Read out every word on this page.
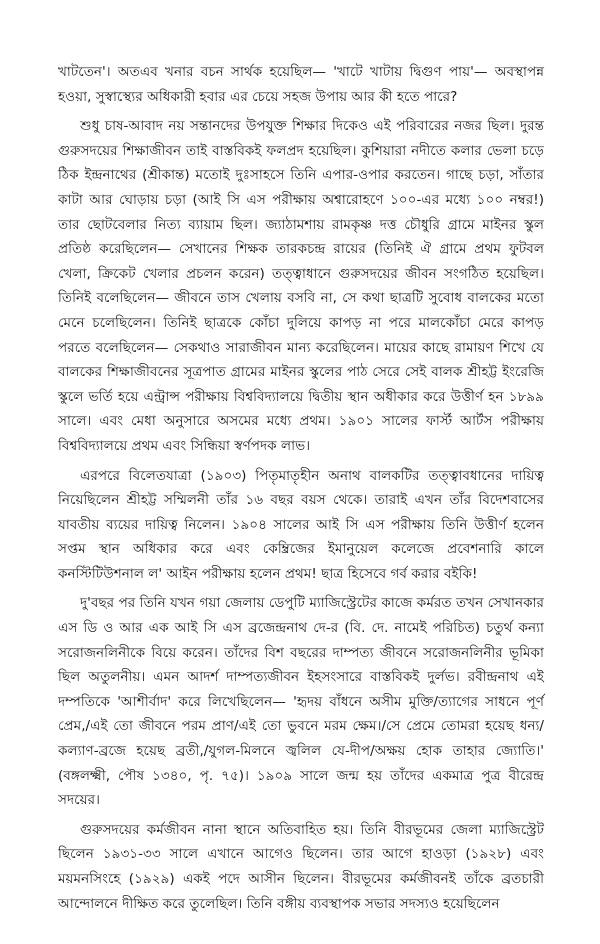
খাটতেন'। অতএব খনার বচন সার্থক হয়েছিল— 'খাটে খাটায় দ্বিগুণ পায়'— অবস্থাপন্ন হওয়া, সুস্বাস্থ্যের অধিকারী হবার এর চেয়ে সহজ উপায় আর কী হতে পারে?

শুধু চাষ-আবাদ নয় সন্তানদের উপযুক্ত শিক্ষার দিকেও এই পরিবারের নজর ছিল। দুরন্ত গুরুসদয়ের শিক্ষাজীবন তাই বাস্তবিকই ফলপ্রদ হয়েছিল। কুশিয়ারা নদীতে কলার ভেলা চড়ে ঠিক ইন্দ্রনাথের (শ্রীকান্ত) মতোই দুঃসাহসে তিনি এপার-ওপার করতেন। গাছে চড়া, সাঁতার কাটা আর ঘোড়ায় চড়া (আই সি এস পরীক্ষায় অশ্বারোহণে ১০০-এর মধ্যে ১০০ নম্বর!) তার ছোটবেলার নিত্য ব্যায়াম ছিল। জ্যাঠামশায় রামকৃষ্ণ দত্ত চৌধুরি গ্রামে মাইনর স্কুল প্রতিষ্ঠ করেছিলেন— সেখানের শিক্ষক তারকচন্দ্র রায়ের (তিনিই ঐ গ্রামে প্রথম ফুটবল খেলা, ক্রিকেট খেলার প্রচলন করেন) তত্ত্বাধানে গুরুসদয়ের জীবন সংগঠিত হয়েছিল। তিনিই বলেছিলেন— জীবনে তাস খেলায় বসবি না, সে কথা ছাত্রটি সুবোধ বালকের মতো মেনে চলেছিলেন। তিনিই ছাত্রকে কোঁচা দুলিয়ে কাপড় না পরে মালকোঁচা মেরে কাপড় পরতে বলেছিলেন— সেকথাও সারাজীবন মান্য করেছিলেন। মায়ের কাছে রামায়ণ শিখে যে বালকের শিক্ষাজীবনের সূত্রপাত গ্রামের মাইনর স্কুলের পাঠ সেরে সেই বালক শ্রীহট্ট ইংরেজি স্কুলে ভর্তি হয়ে এন্ট্রান্স পরীক্ষায় বিশ্ববিদ্যালয়ে দ্বিতীয় স্থান অধীকার করে উত্তীর্ণ হন ১৮৯৯ সালে। এবং মেধা অনুসারে অসমের মধ্যে প্রথম। ১৯০১ সালের ফার্স্ট আর্টস পরীক্ষায় বিশ্ববিদ্যালয়ে প্রথম এবং সিন্ধিয়া স্বর্ণপদক লাভ।

এরপরে বিলেতযাত্রা (১৯০৩) পিতৃমাতৃহীন অনাথ বালকটির তত্ত্বাবধানের দায়িত্ব নিয়েছিলেন শ্রীহট্ট সম্মিলনী তাঁর ১৬ বছর বয়স থেকে। তারাই এখন তাঁর বিদেশবাসের যাবতীয় ব্যয়ের দায়িত্ব নিলেন। ১৯০৪ সালের আই সি এস পরীক্ষায় তিনি উত্তীর্ণ হলেন সপ্তম স্থান অধিকার করে এবং কেম্ব্রিজের ইমানুয়েল কলেজে প্রবেশনারি কালে কনস্টিটিউশনাল ল' আইন পরীক্ষায় হলেন প্রথম! ছাত্র হিসেবে গর্ব করার বইকি!

দু'বছর পর তিনি যখন গয়া জেলায় ডেপুটি ম্যাজিস্ট্রেটের কাজে কর্মরত তখন সেখানকার এস ডি ও আর এক আই সি এস ব্রজেন্দ্রনাথ দে-র (বি. দে. নামেই পরিচিত) চতুর্থ কন্যা সরোজনলিনীকে বিয়ে করেন। তাঁদের বিশ বছরের দাম্পত্য জীবনে সরোজনলিনীর ভূমিকা ছিল অতুলনীয়। এমন আদর্শ দাম্পত্যজীবন ইহসংসারে বাস্তবিকই দুর্লভ। রবীন্দ্রনাথ এই দম্পতিকে 'আশীর্বাদ' করে লিখেছিলেন— 'হৃদয় বাঁধনে অসীম মুক্তি/ত্যাগের সাধনে পূর্ণ প্রেম,/এই তো জীবনে পরম প্রাণ/এই তো ভুবনে মরম ক্ষেম।/সে প্রেমে তোমরা হয়েছ ধন্য/কল্যাণ-ব্রজে হয়েছ ব্রতী,/যুগল-মিলনে জ্বলিল যে-দীপ/অক্ষয় হোক তাহার জ্যোতি।' (বঙ্গলক্ষ্মী, পৌষ ১৩৪০, পৃ. ৭৫)। ১৯০৯ সালে জন্ম হয় তাঁদের একমাত্র পুত্র বীরেন্দ্র সদয়ের।

গুরুসদয়ের কর্মজীবন নানা স্থানে অতিবাহিত হয়। তিনি বীরভূমের জেলা ম্যাজিস্ট্রেট ছিলেন ১৯৩১-৩৩ সালে এখানে আগেও ছিলেন। তার আগে হাওড়া (১৯২৮) এবং ময়মনসিংহে (১৯২৯) একই পদে আসীন ছিলেন। বীরভূমের কর্মজীবনই তাঁকে ব্রতচারী আন্দোলনে দীক্ষিত করে তুলেছিল। তিনি বঙ্গীয় ব্যবস্থাপক সভার সদস্যও হয়েছিলেন
